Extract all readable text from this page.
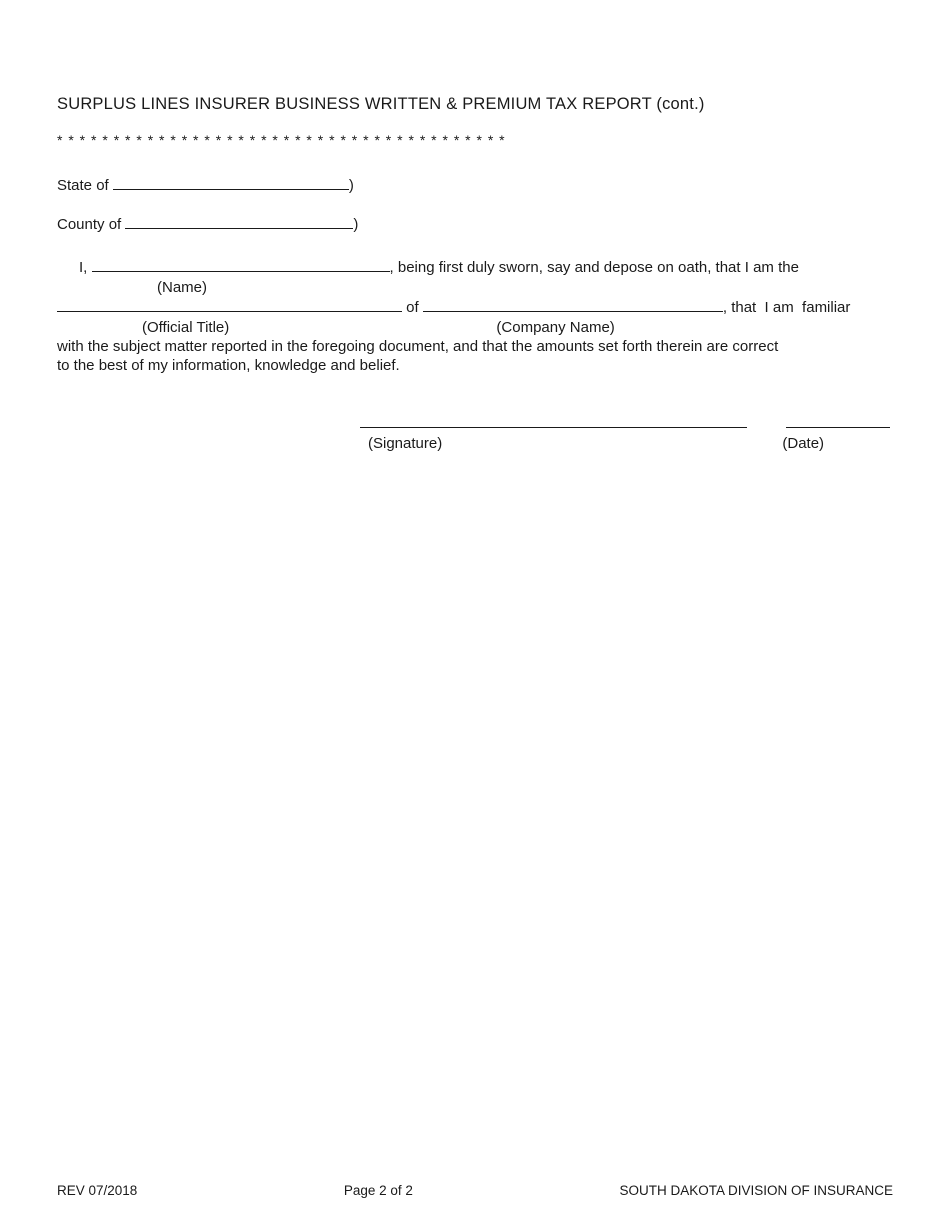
SURPLUS LINES INSURER BUSINESS WRITTEN & PREMIUM TAX REPORT (cont.)
* * * * * * * * * * * * * * * * * * * * * * * * * * * * * * * * * * * * * * * *
State of	)
County of	)
I,	, being first duly sworn, say and depose on oath, that I am the
(Name)
of	, that  I am  familiar
(Official Title)	(Company Name)
with the subject matter reported in the foregoing document, and that the amounts set forth therein are correct
to the best of my information, knowledge and belief.

(Signature)	(Date)
REV 07/2018	Page 2 of 2	SOUTH DAKOTA DIVISION OF INSURANCE
